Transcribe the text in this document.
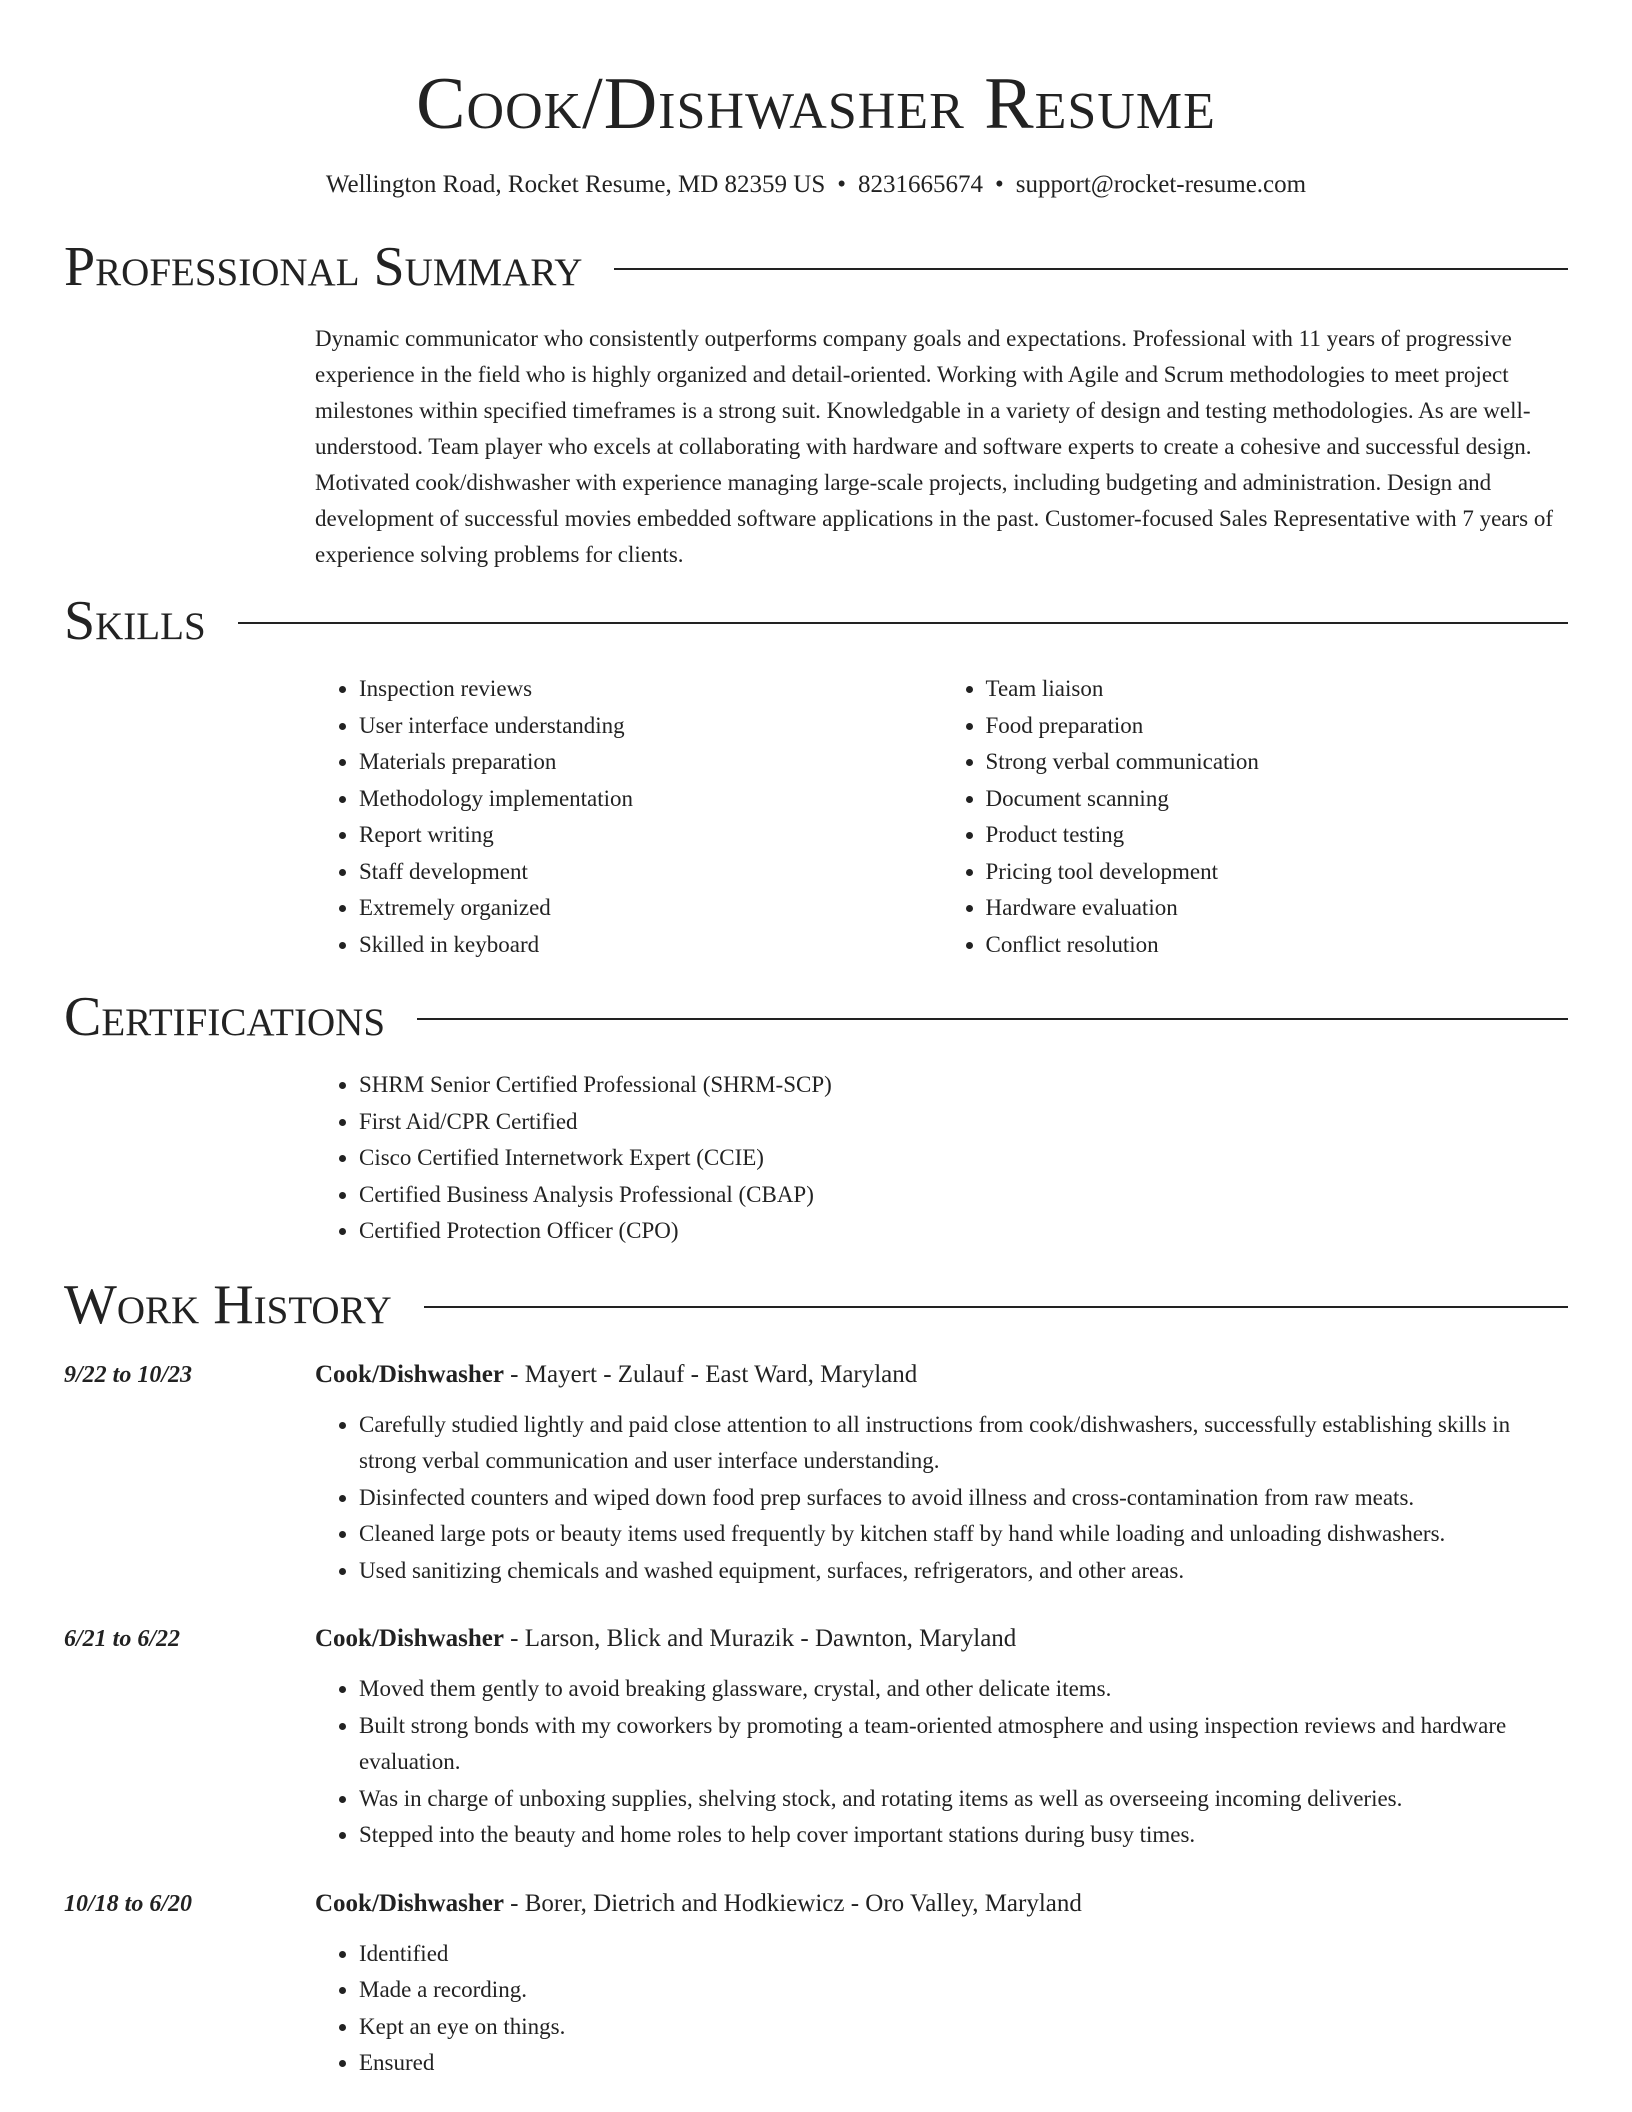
Cook/Dishwasher Resume
Wellington Road, Rocket Resume, MD 82359 US • 8231665674 • support@rocket-resume.com
Professional Summary

Dynamic communicator who consistently outperforms company goals and expectations. Professional with 11 years of progressive experience in the field who is highly organized and detail-oriented. Working with Agile and Scrum methodologies to meet project milestones within specified timeframes is a strong suit. Knowledgable in a variety of design and testing methodologies. As are well-understood. Team player who excels at collaborating with hardware and software experts to create a cohesive and successful design. Motivated cook/dishwasher with experience managing large-scale projects, including budgeting and administration. Design and development of successful movies embedded software applications in the past. Customer-focused Sales Representative with 7 years of experience solving problems for clients.

Skills
• Inspection reviews
• User interface understanding
• Materials preparation
• Methodology implementation
• Report writing
• Staff development
• Extremely organized
• Skilled in keyboard
• Team liaison
• Food preparation
• Strong verbal communication
• Document scanning
• Product testing
• Pricing tool development
• Hardware evaluation
• Conflict resolution
Certifications
• SHRM Senior Certified Professional (SHRM-SCP)
• First Aid/CPR Certified
• Cisco Certified Internetwork Expert (CCIE)
• Certified Business Analysis Professional (CBAP)
• Certified Protection Officer (CPO)
Work History
9/22 to 10/23	Cook/Dishwasher - Mayert - Zulauf - East Ward, Maryland
• Carefully studied lightly and paid close attention to all instructions from cook/dishwashers, successfully establishing skills in strong verbal communication and user interface understanding.
• Disinfected counters and wiped down food prep surfaces to avoid illness and cross-contamination from raw meats.
• Cleaned large pots or beauty items used frequently by kitchen staff by hand while loading and unloading dishwashers.
• Used sanitizing chemicals and washed equipment, surfaces, refrigerators, and other areas.
6/21 to 6/22	Cook/Dishwasher - Larson, Blick and Murazik - Dawnton, Maryland
• Moved them gently to avoid breaking glassware, crystal, and other delicate items.
• Built strong bonds with my coworkers by promoting a team-oriented atmosphere and using inspection reviews and hardware evaluation.
• Was in charge of unboxing supplies, shelving stock, and rotating items as well as overseeing incoming deliveries.
• Stepped into the beauty and home roles to help cover important stations during busy times.
10/18 to 6/20	Cook/Dishwasher - Borer, Dietrich and Hodkiewicz - Oro Valley, Maryland
• Identified
• Made a recording.
• Kept an eye on things.
• Ensured
